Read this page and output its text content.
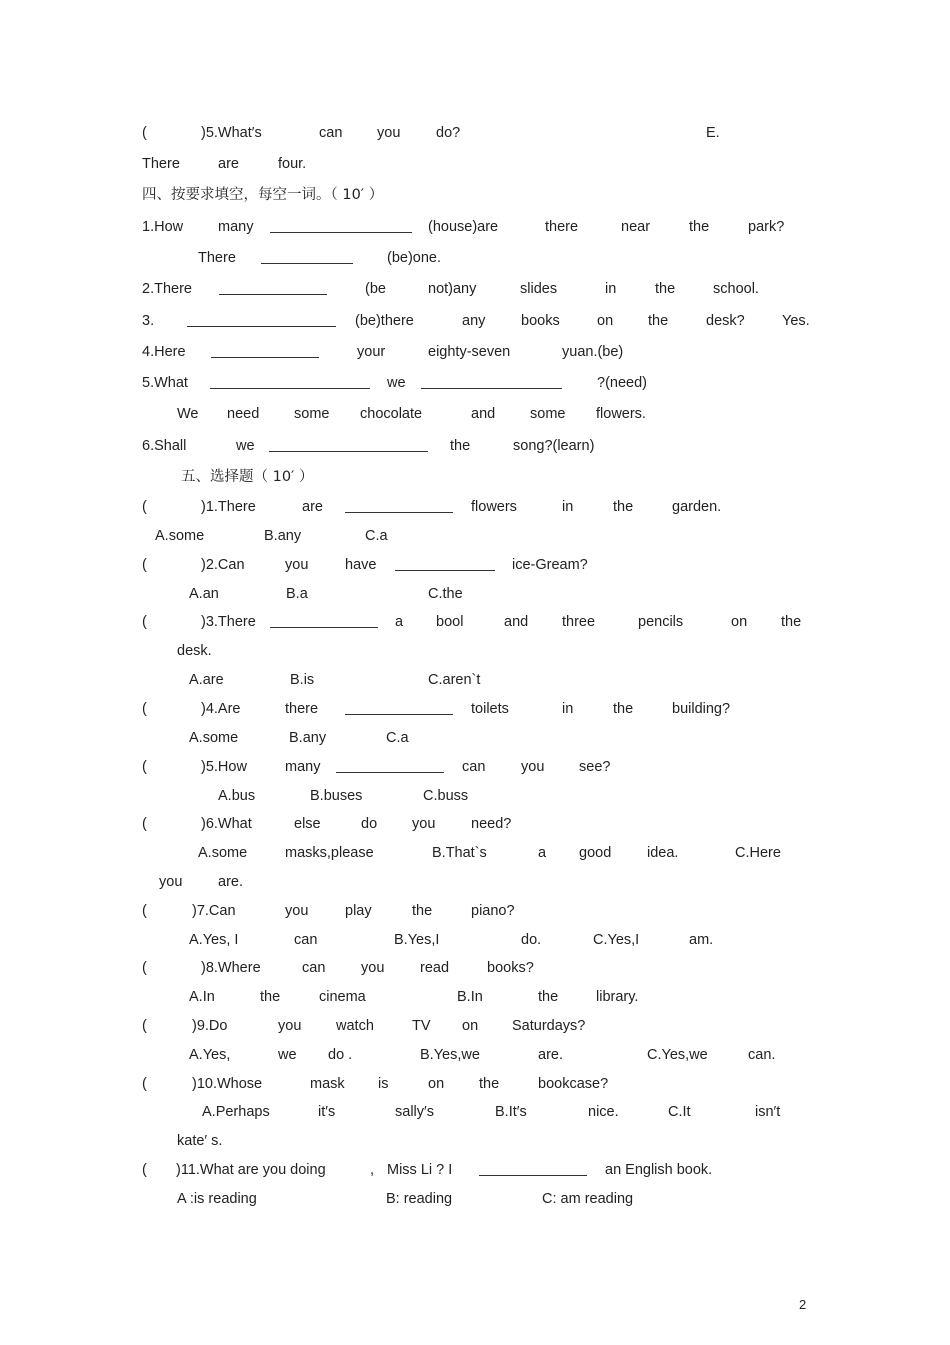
(	)5.What′s	can you do?	E.
There	are	four.
四、按要求填空，每空一词。（ 10′ ）
1.How many	(house)are	there	near	the	park?
There	(be)one.
2.There	(be	not)any	slides	in	the	school.
3.	(be)there	any books	on the	desk?	Yes.
4.Here	your	eighty-seven	yuan.(be)
5.What	we	?(need)
We need some chocolate	and some flowers.
6.Shall	we	the	song?(learn)
五、选择题（ 10′ ）
(	)1.There	are	flowers	in	the	garden.
A.some	B.any	C.a
(	)2.Can	you	have	ice-Gream?
A.an	B.a	C.the
(	)3.There	a bool	and three	pencils	on the
desk.
A.are	B.is	C.aren`t
(	)4.Are	there	toilets	in	the	building?
A.some	B.any	C.a
(	)5.How	many	can you see?
A.bus	B.buses	C.buss
(	)6.What	else	do you need?
A.some	masks,please	B.That`s	a good idea.	C.Here
you are.
(	)7.Can	you	play	the	piano?
A.Yes, I	can	B.Yes,I	do.	C.Yes,I	am.
(	)8.Where	can you read	books?
A.In	the	cinema	B.In	the	library.
(	)9.Do	you watch	TV on Saturdays?
A.Yes,	we do .	B.Yes,we	are.	C.Yes,we	can.
(	)10.Whose	mask is	on the	bookcase?
A.Perhaps	it′s	sally′s	B.It′s	nice.	C.It	isn′t
kate′ s.
( )11.What are you doing	, Miss Li ? I	an English book.
A :is reading	B: reading	C: am reading
2
